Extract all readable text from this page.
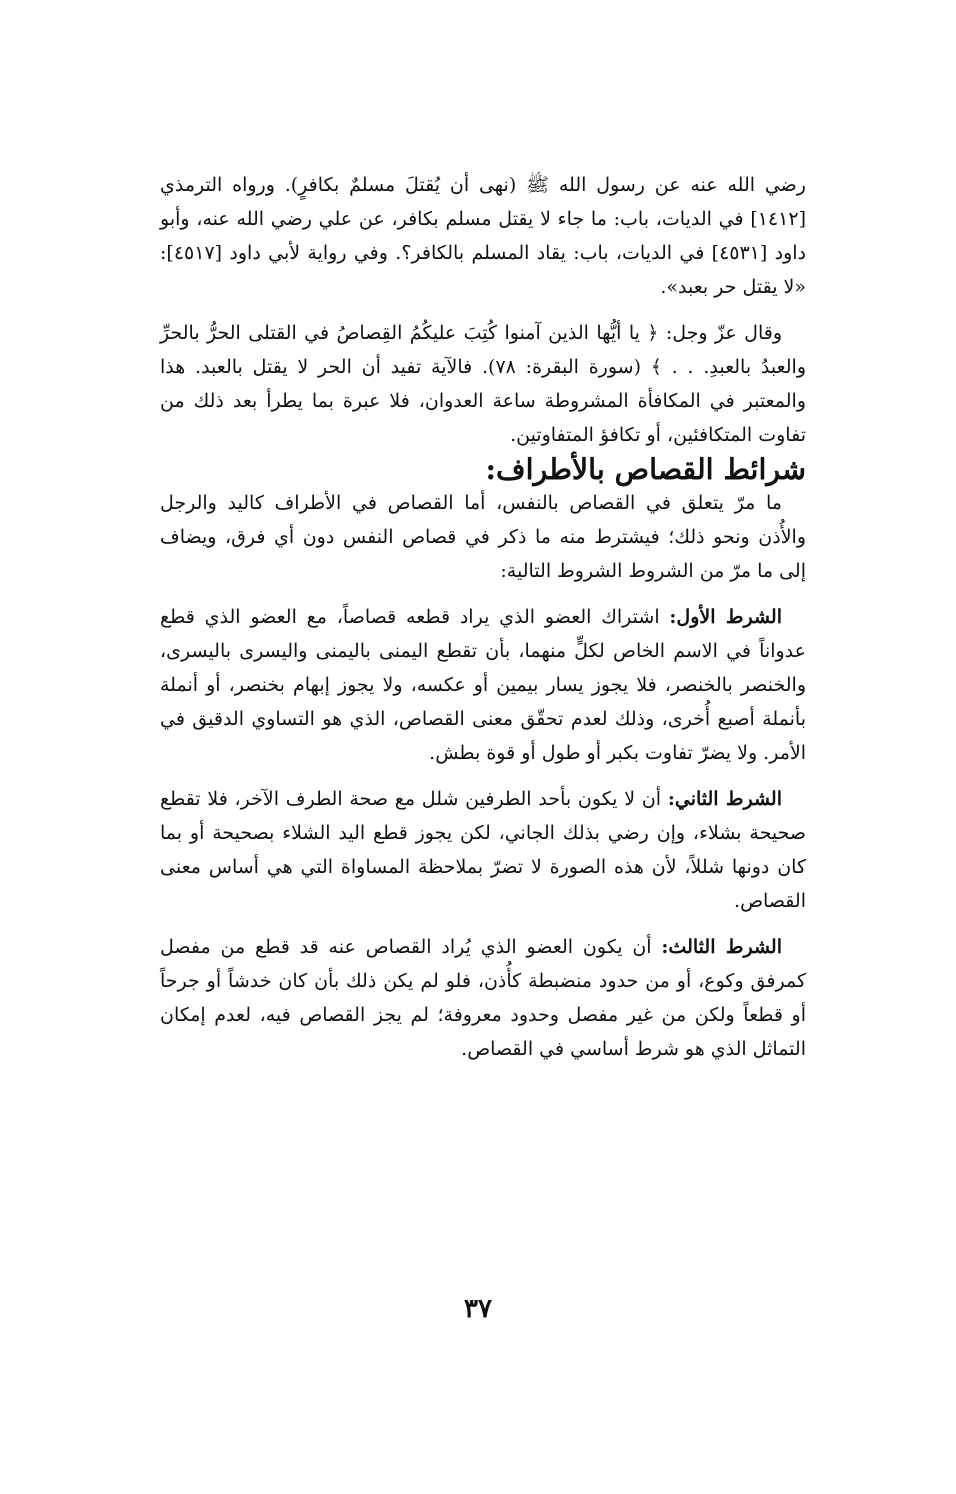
رضي الله عنه عن رسول الله ﷺ (نهى أن يُقتلَ مسلمٌ بكافرٍ). ورواه الترمذي [١٤١٢] في الديات، باب: ما جاء لا يقتل مسلم بكافر، عن علي رضي الله عنه، وأبو داود [٤٥٣١] في الديات، باب: يقاد المسلم بالكافر؟. وفي رواية لأبي داود [٤٥١٧]: «لا يقتل حر بعبد».

وقال عزّ وجل: ﴿ يا أيُّها الذين آمنوا كُتِبَ عليكُمُ القِصاصُ في القتلى الحرُّ بالحرِّ والعبدُ بالعبدِ. . . ﴾ (سورة البقرة: ٧٨). فالآية تفيد أن الحر لا يقتل بالعبد. هذا والمعتبر في المكافأة المشروطة ساعة العدوان، فلا عبرة بما يطرأ بعد ذلك من تفاوت المتكافئين، أو تكافؤ المتفاوتين.

شرائط القصاص بالأطراف:

ما مرّ يتعلق في القصاص بالنفس، أما القصاص في الأطراف كاليد والرجل والأُذن ونحو ذلك؛ فيشترط منه ما ذكر في قصاص النفس دون أي فرق، ويضاف إلى ما مرّ من الشروط الشروط التالية:

الشرط الأول: اشتراك العضو الذي يراد قطعه قصاصاً، مع العضو الذي قطع عدواناً في الاسم الخاص لكلٍّ منهما، بأن تقطع اليمنى باليمنى واليسرى باليسرى، والخنصر بالخنصر، فلا يجوز يسار بيمين أو عكسه، ولا يجوز إبهام بخنصر، أو أنملة بأنملة أصبع أُخرى، وذلك لعدم تحقّق معنى القصاص، الذي هو التساوي الدقيق في الأمر. ولا يضرّ تفاوت بكبر أو طول أو قوة بطش.

الشرط الثاني: أن لا يكون بأحد الطرفين شلل مع صحة الطرف الآخر، فلا تقطع صحيحة بشلاء، وإن رضي بذلك الجاني، لكن يجوز قطع اليد الشلاء بصحيحة أو بما كان دونها شللاً، لأن هذه الصورة لا تضرّ بملاحظة المساواة التي هي أساس معنى القصاص.

الشرط الثالث: أن يكون العضو الذي يُراد القصاص عنه قد قطع من مفصل كمرفق وكوع، أو من حدود منضبطة كأُذن، فلو لم يكن ذلك بأن كان خدشاً أو جرحاً أو قطعاً ولكن من غير مفصل وحدود معروفة؛ لم يجز القصاص فيه، لعدم إمكان التماثل الذي هو شرط أساسي في القصاص.

٣٧
